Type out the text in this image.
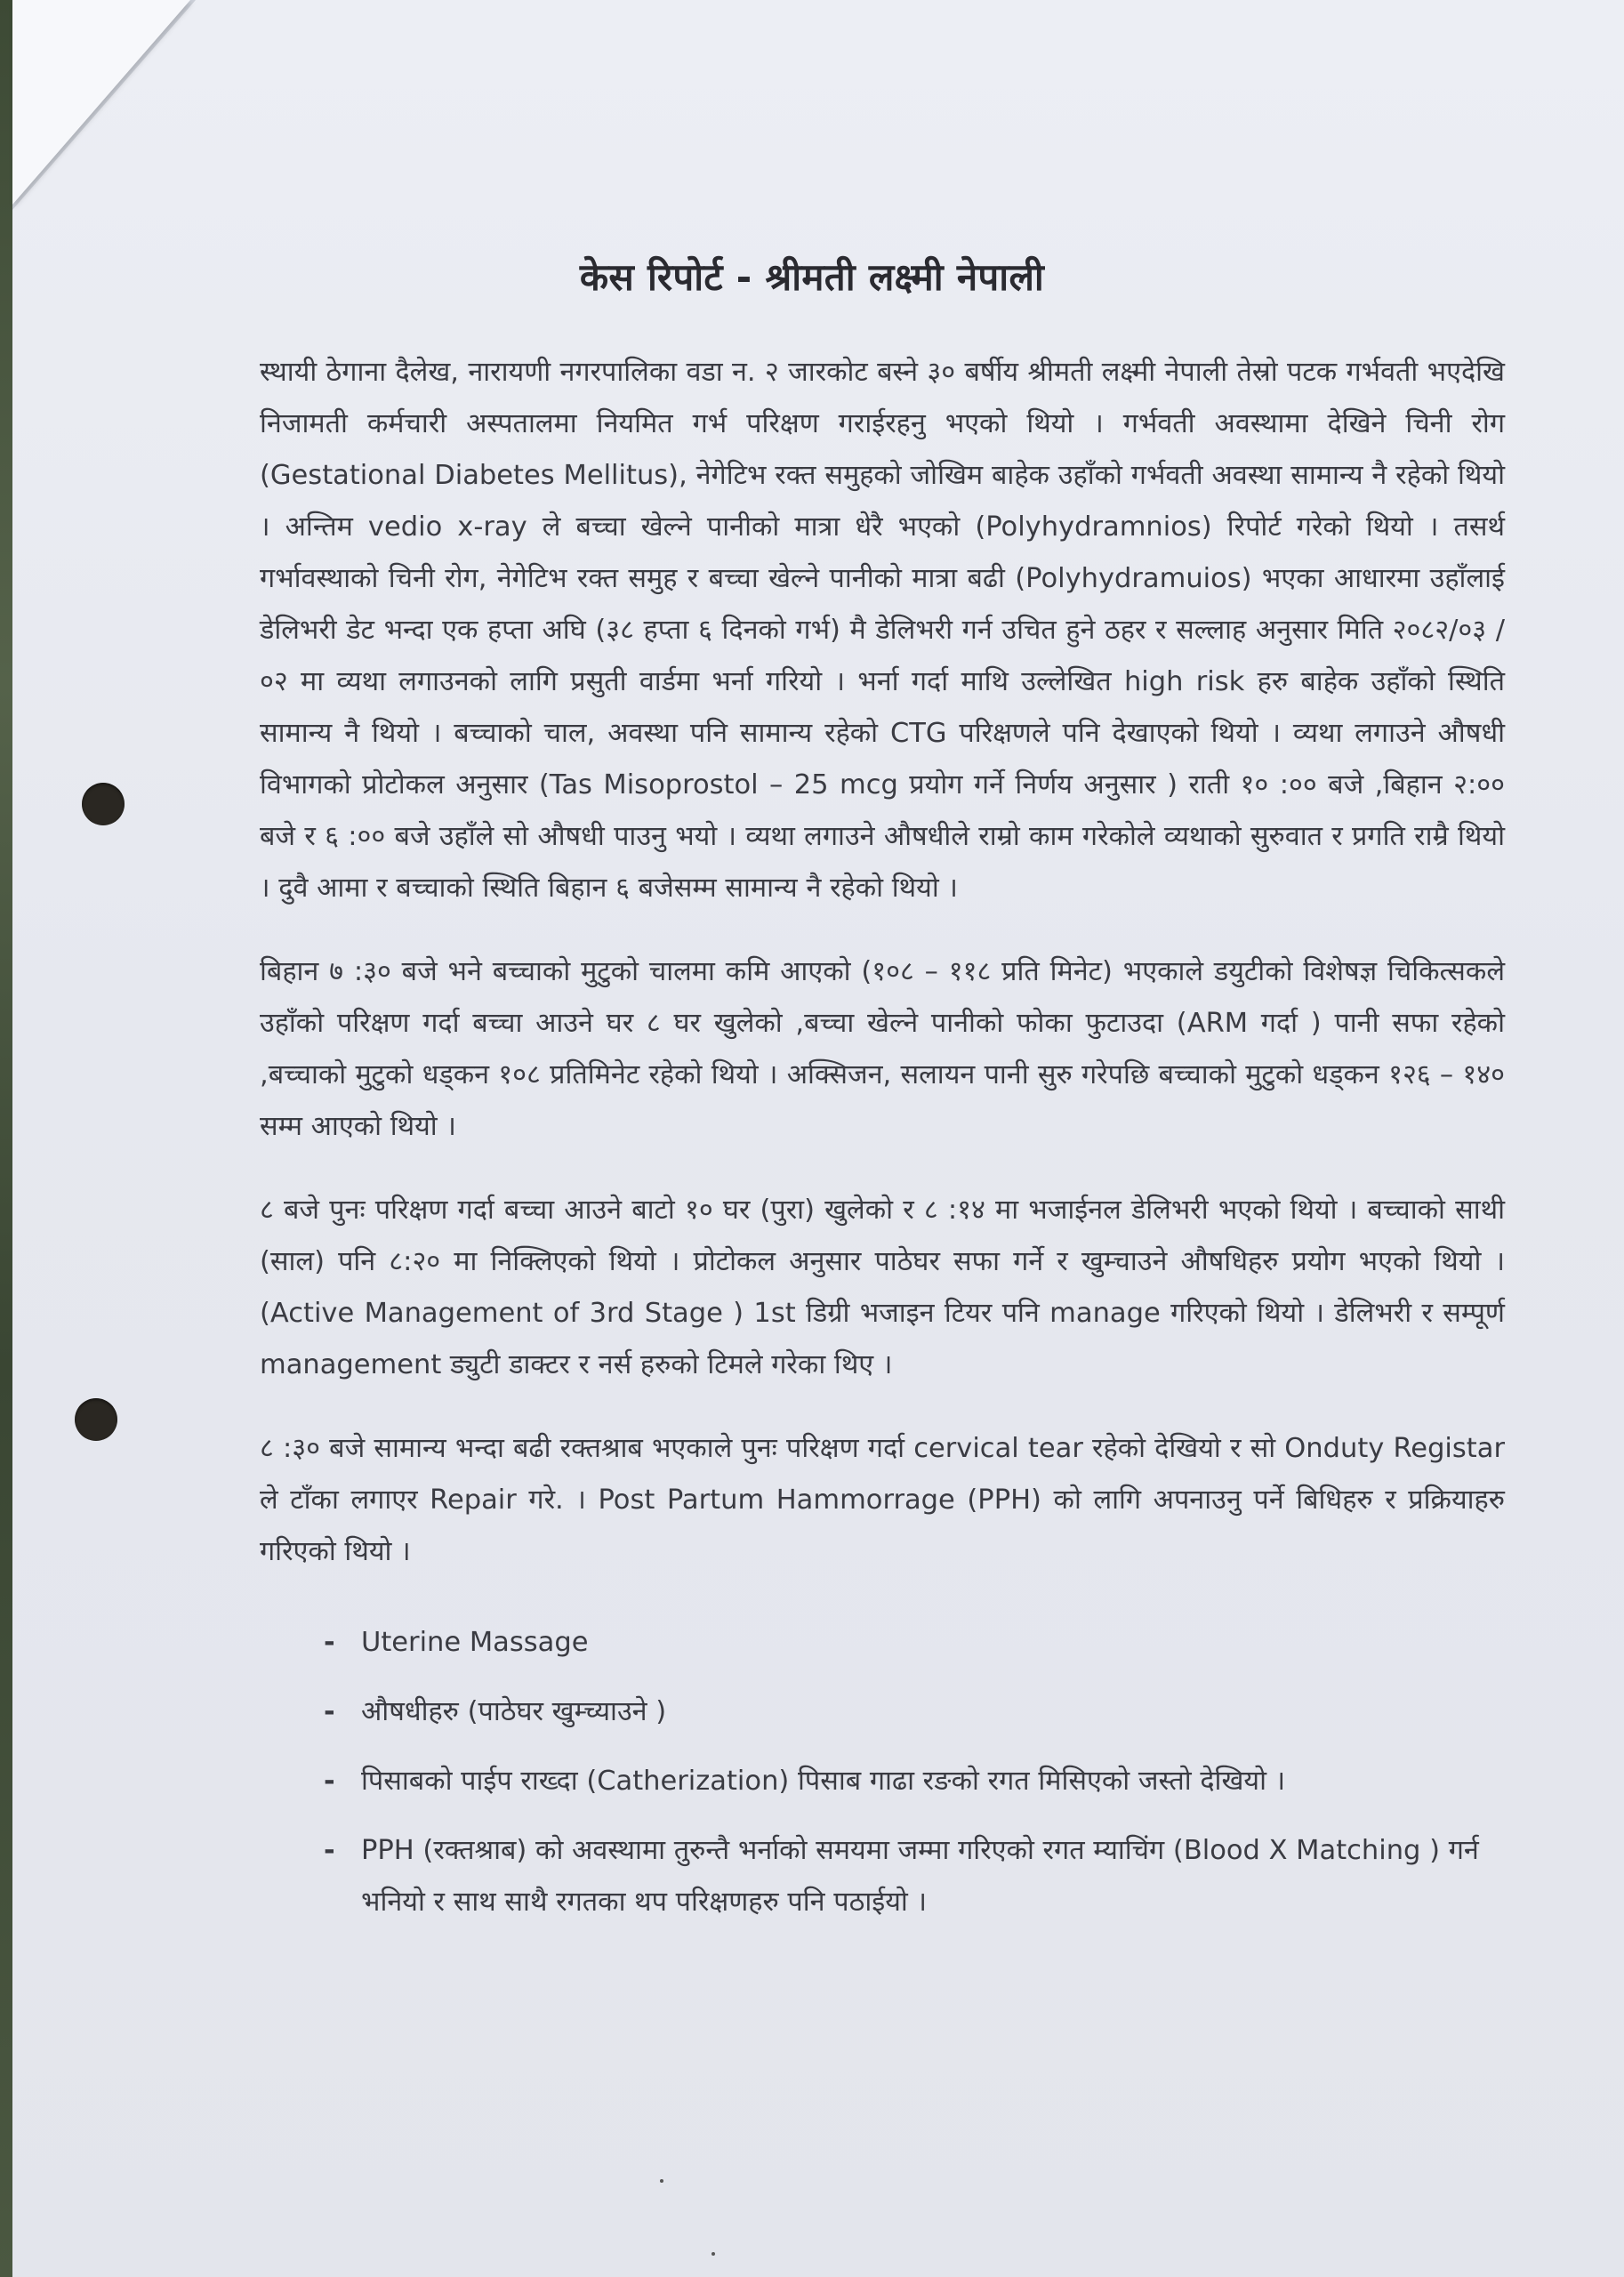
केस रिपोर्ट - श्रीमती लक्ष्मी नेपाली

स्थायी ठेगाना दैलेख, नारायणी नगरपालिका वडा न. २ जारकोट बस्ने ३० बर्षीय श्रीमती लक्ष्मी नेपाली तेस्रो पटक गर्भवती भएदेखि निजामती कर्मचारी अस्पतालमा नियमित गर्भ परिक्षण गराईरहनु भएको थियो । गर्भवती अवस्थामा देखिने चिनी रोग (Gestational Diabetes Mellitus), नेगेटिभ रक्त समुहको जोखिम बाहेक उहाँको गर्भवती अवस्था सामान्य नै रहेको थियो । अन्तिम vedio x-ray ले बच्चा खेल्ने पानीको मात्रा धेरै भएको (Polyhydramnios) रिपोर्ट गरेको थियो । तसर्थ गर्भावस्थाको चिनी रोग, नेगेटिभ रक्त समुह र बच्चा खेल्ने पानीको मात्रा बढी (Polyhydramuios) भएका आधारमा उहाँलाई डेलिभरी डेट भन्दा एक हप्ता अघि (३८ हप्ता ६ दिनको गर्भ) मै डेलिभरी गर्न उचित हुने ठहर र सल्लाह अनुसार मिति २०८२/०३ /०२ मा व्यथा लगाउनको लागि प्रसुती वार्डमा भर्ना गरियो । भर्ना गर्दा माथि उल्लेखित high risk हरु बाहेक उहाँको स्थिति सामान्य नै थियो । बच्चाको चाल, अवस्था पनि सामान्य रहेको CTG परिक्षणले पनि देखाएको थियो । व्यथा लगाउने औषधी विभागको प्रोटोकल अनुसार (Tas Misoprostol – 25 mcg प्रयोग गर्ने निर्णय अनुसार ) राती १० :०० बजे ,बिहान २:०० बजे र ६ :०० बजे उहाँले सो औषधी पाउनु भयो । व्यथा लगाउने औषधीले राम्रो काम गरेकोले व्यथाको सुरुवात र प्रगति राम्रै थियो । दुवै आमा र बच्चाको स्थिति बिहान ६ बजेसम्म सामान्य नै रहेको थियो ।

बिहान ७ :३० बजे भने बच्चाको मुटुको चालमा कमि आएको (१०८ – ११८ प्रति मिनेट) भएकाले डयुटीको विशेषज्ञ चिकित्सकले उहाँको परिक्षण गर्दा बच्चा आउने घर ८ घर खुलेको ,बच्चा खेल्ने पानीको फोका फुटाउदा (ARM गर्दा ) पानी सफा रहेको ,बच्चाको मुटुको धड्कन १०८ प्रतिमिनेट रहेको थियो । अक्सिजन, सलायन पानी सुरु गरेपछि बच्चाको मुटुको धड्कन १२६ – १४० सम्म आएको थियो ।

८ बजे पुनः परिक्षण गर्दा बच्चा आउने बाटो १० घर (पुरा) खुलेको र ८ :१४ मा भजाईनल डेलिभरी भएको थियो । बच्चाको साथी (साल) पनि ८:२० मा निक्लिएको थियो । प्रोटोकल अनुसार पाठेघर सफा गर्ने र खुम्चाउने औषधिहरु प्रयोग भएको थियो । (Active Management of 3rd Stage ) 1st डिग्री भजाइन टियर पनि manage गरिएको थियो । डेलिभरी र सम्पूर्ण management ड्युटी डाक्टर र नर्स हरुको टिमले गरेका थिए ।

८ :३० बजे सामान्य भन्दा बढी रक्तश्राब भएकाले पुनः परिक्षण गर्दा cervical tear रहेको देखियो र सो Onduty Registar ले टाँका लगाएर Repair गरे. । Post Partum Hammorrage (PPH) को लागि अपनाउनु पर्ने बिधिहरु र प्रक्रियाहरु गरिएको थियो ।

- Uterine Massage
- औषधीहरु (पाठेघर खुम्च्याउने )
- पिसाबको पाईप राख्दा (Catherization) पिसाब गाढा रङको रगत मिसिएको जस्तो देखियो ।
- PPH (रक्तश्राब) को अवस्थामा तुरुन्तै भर्नाको समयमा जम्मा गरिएको रगत म्याचिंग (Blood X Matching ) गर्न भनियो र साथ साथै रगतका थप परिक्षणहरु पनि पठाईयो ।
